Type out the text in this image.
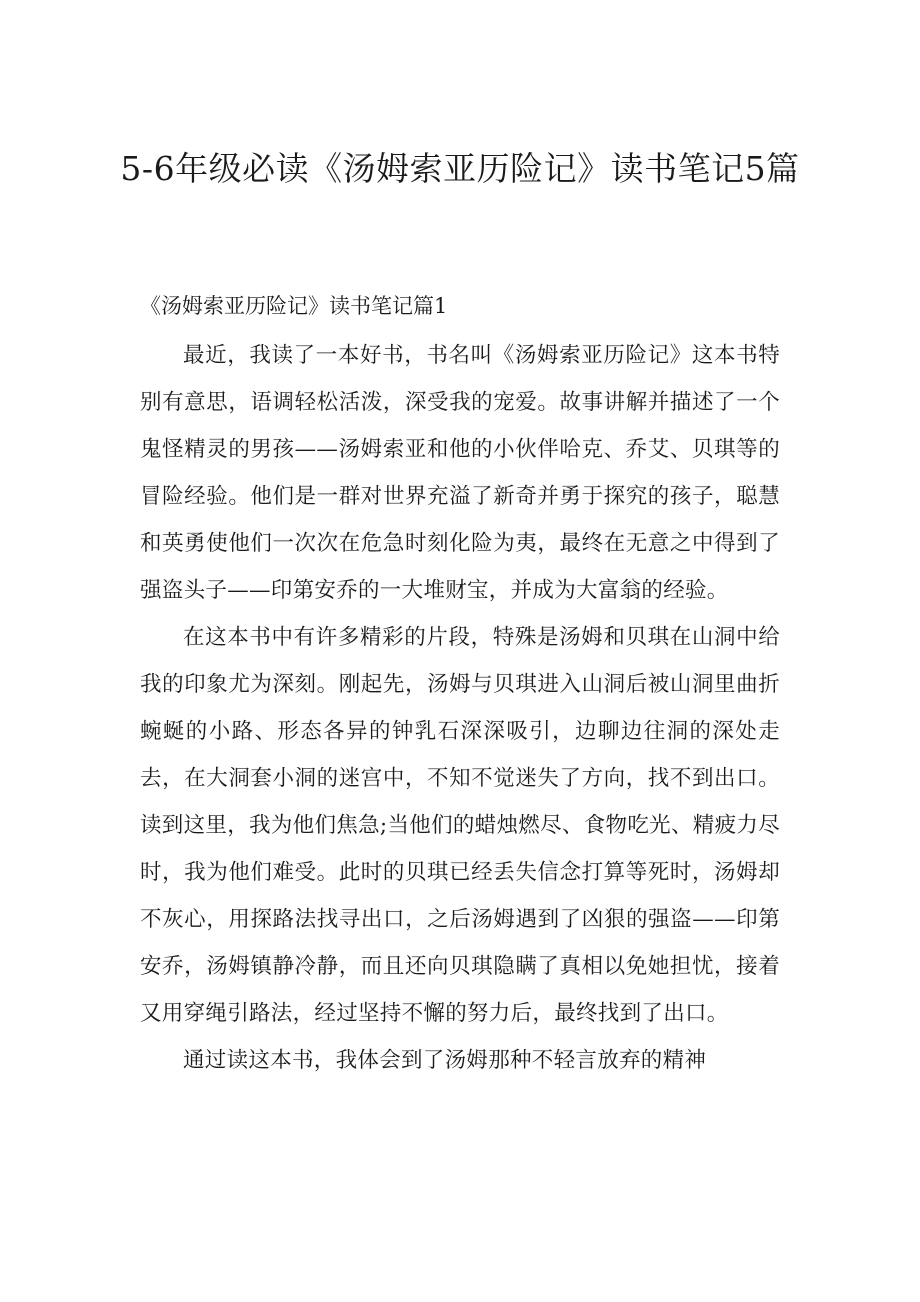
5-6年级必读《汤姆索亚历险记》读书笔记5篇
《汤姆索亚历险记》读书笔记篇1

最近，我读了一本好书，书名叫《汤姆索亚历险记》这本书特别有意思，语调轻松活泼，深受我的宠爱。故事讲解并描述了一个鬼怪精灵的男孩——汤姆索亚和他的小伙伴哈克、乔艾、贝琪等的冒险经验。他们是一群对世界充溢了新奇并勇于探究的孩子，聪慧和英勇使他们一次次在危急时刻化险为夷，最终在无意之中得到了强盗头子——印第安乔的一大堆财宝，并成为大富翁的经验。

在这本书中有许多精彩的片段，特殊是汤姆和贝琪在山洞中给我的印象尤为深刻。刚起先，汤姆与贝琪进入山洞后被山洞里曲折蜿蜒的小路、形态各异的钟乳石深深吸引，边聊边往洞的深处走去，在大洞套小洞的迷宫中，不知不觉迷失了方向，找不到出口。读到这里，我为他们焦急;当他们的蜡烛燃尽、食物吃光、精疲力尽时，我为他们难受。此时的贝琪已经丢失信念打算等死时，汤姆却不灰心，用探路法找寻出口，之后汤姆遇到了凶狠的强盗——印第安乔，汤姆镇静冷静，而且还向贝琪隐瞒了真相以免她担忧，接着又用穿绳引路法，经过坚持不懈的努力后，最终找到了出口。

通过读这本书，我体会到了汤姆那种不轻言放弃的精神
